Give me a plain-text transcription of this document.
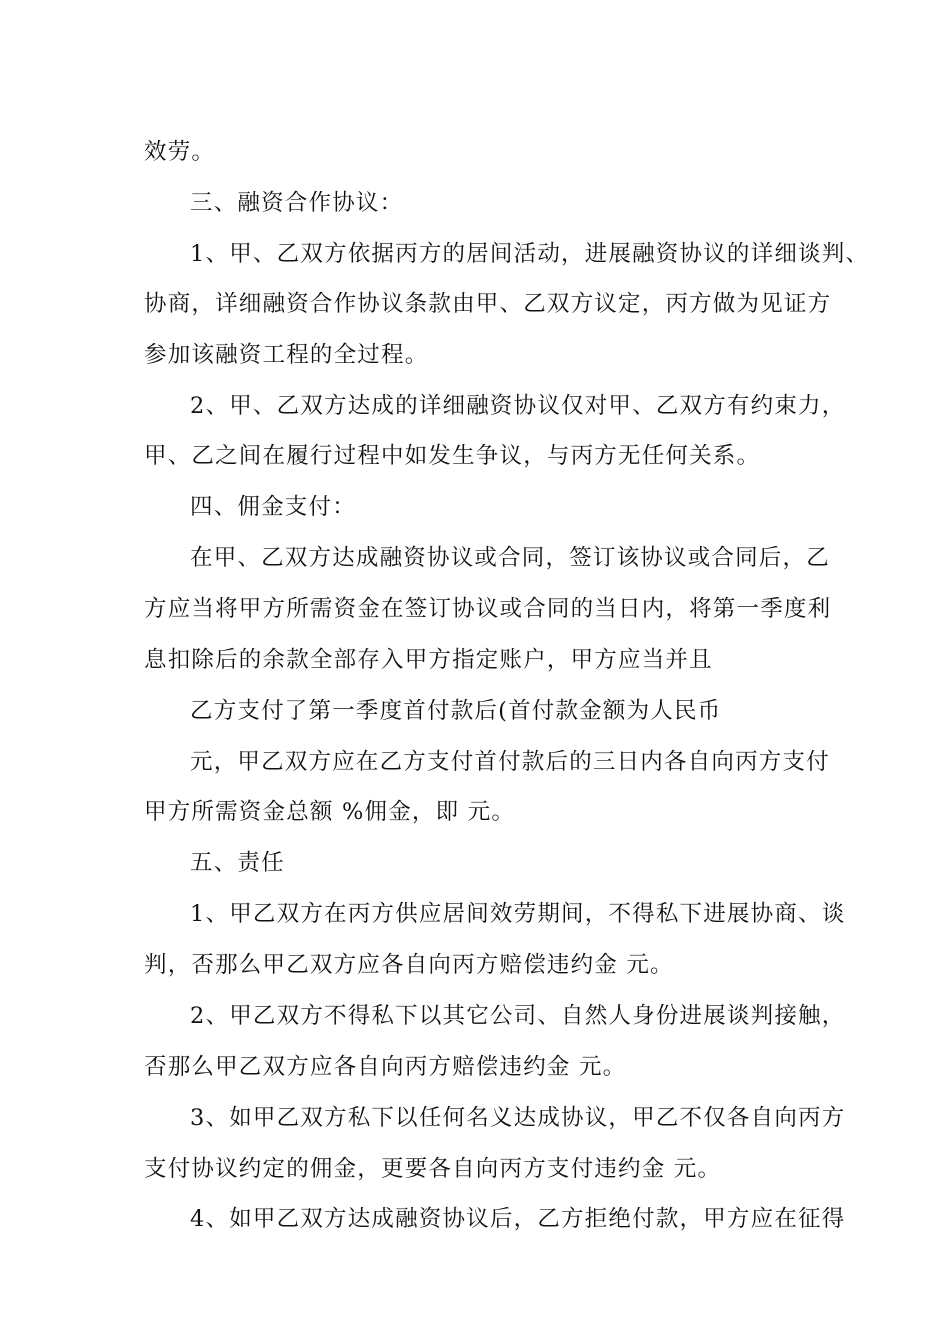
效劳。
三、融资合作协议：
1、甲、乙双方依据丙方的居间活动，进展融资协议的详细谈判、
协商，详细融资合作协议条款由甲、乙双方议定，丙方做为见证方
参加该融资工程的全过程。
2、甲、乙双方达成的详细融资协议仅对甲、乙双方有约束力，
甲、乙之间在履行过程中如发生争议，与丙方无任何关系。
四、佣金支付：
在甲、乙双方达成融资协议或合同，签订该协议或合同后，乙
方应当将甲方所需资金在签订协议或合同的当日内，将第一季度利
息扣除后的余款全部存入甲方指定账户，甲方应当并且
乙方支付了第一季度首付款后(首付款金额为人民币
元，甲乙双方应在乙方支付首付款后的三日内各自向丙方支付
甲方所需资金总额 %佣金，即 元。
五、责任
1、甲乙双方在丙方供应居间效劳期间，不得私下进展协商、谈
判，否那么甲乙双方应各自向丙方赔偿违约金 元。
2、甲乙双方不得私下以其它公司、自然人身份进展谈判接触，
否那么甲乙双方应各自向丙方赔偿违约金 元。
3、如甲乙双方私下以任何名义达成协议，甲乙不仅各自向丙方
支付协议约定的佣金，更要各自向丙方支付违约金 元。
4、如甲乙双方达成融资协议后，乙方拒绝付款，甲方应在征得
